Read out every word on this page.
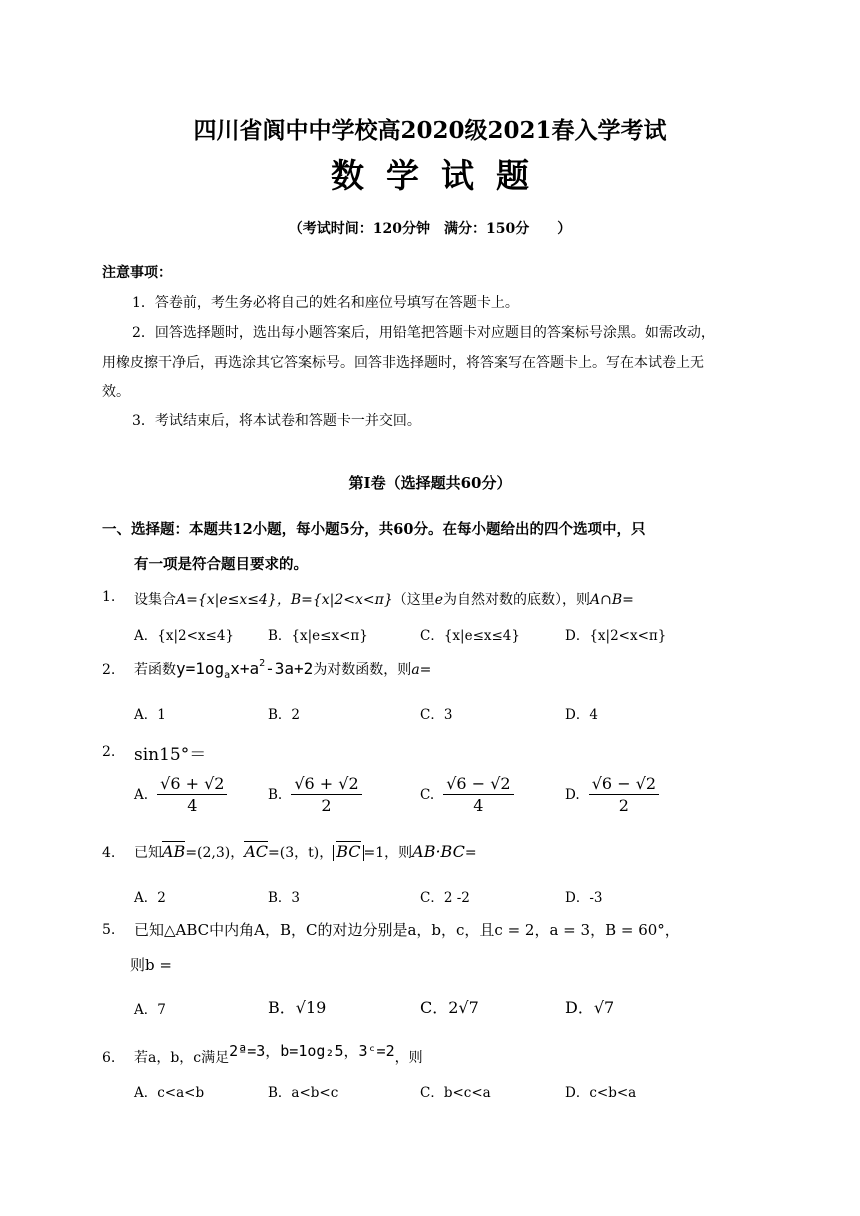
四川省阆中中学校高2020级2021春入学考试
数学试题
（考试时间：120分钟　满分：150分　　）
注意事项：
1．答卷前，考生务必将自己的姓名和座位号填写在答题卡上。
2．回答选择题时，选出每小题答案后，用铅笔把答题卡对应题目的答案标号涂黑。如需改动，
用橡皮擦干净后，再选涂其它答案标号。回答非选择题时，将答案写在答题卡上。写在本试卷上无
效。
3．考试结束后，将本试卷和答题卡一并交回。
第Ⅰ卷（选择题共60分）
一、选择题：本题共12小题，每小题5分，共60分。在每小题给出的四个选项中，只
有一项是符合题目要求的。
1. 设集合A={x|e≤x≤4}，B={x|2<x<π}（这里e为自然对数的底数），则A∩B=
A．{x|2<x≤4}	B．{x|e≤x<π}	C．{x|e≤x≤4}	D．{x|2<x<π}
2. 若函数$y=1og_ax+a^2-3a+2$为对数函数，则a=
A．1	B．2	C．3	D．4
2. sin15°＝
A. $\frac{√6 + √2}{4}$	B. $\frac{√6 + √2}{2}$	C. $\frac{√6 - √2}{4}$	D. $\frac{√6 - √2}{2}$
4. 已知AB=(2,3)，AC=(3，t)， BC =1，则AB·BC=
A．2	B．3	C．2 -2	D．-3
5. 已知△ABC中内角A，B，C的对边分别是a，b，c，且c = 2，a = 3，B = 60°，
则b =
A．7	B．√19	C．2√7	D．√7
6. 若a，b，c满足2ª=3，b=1og₂5，3ᶜ=2，则
A．c<a<b	B．a<b<c	C．b<c<a	D．c<b<a
